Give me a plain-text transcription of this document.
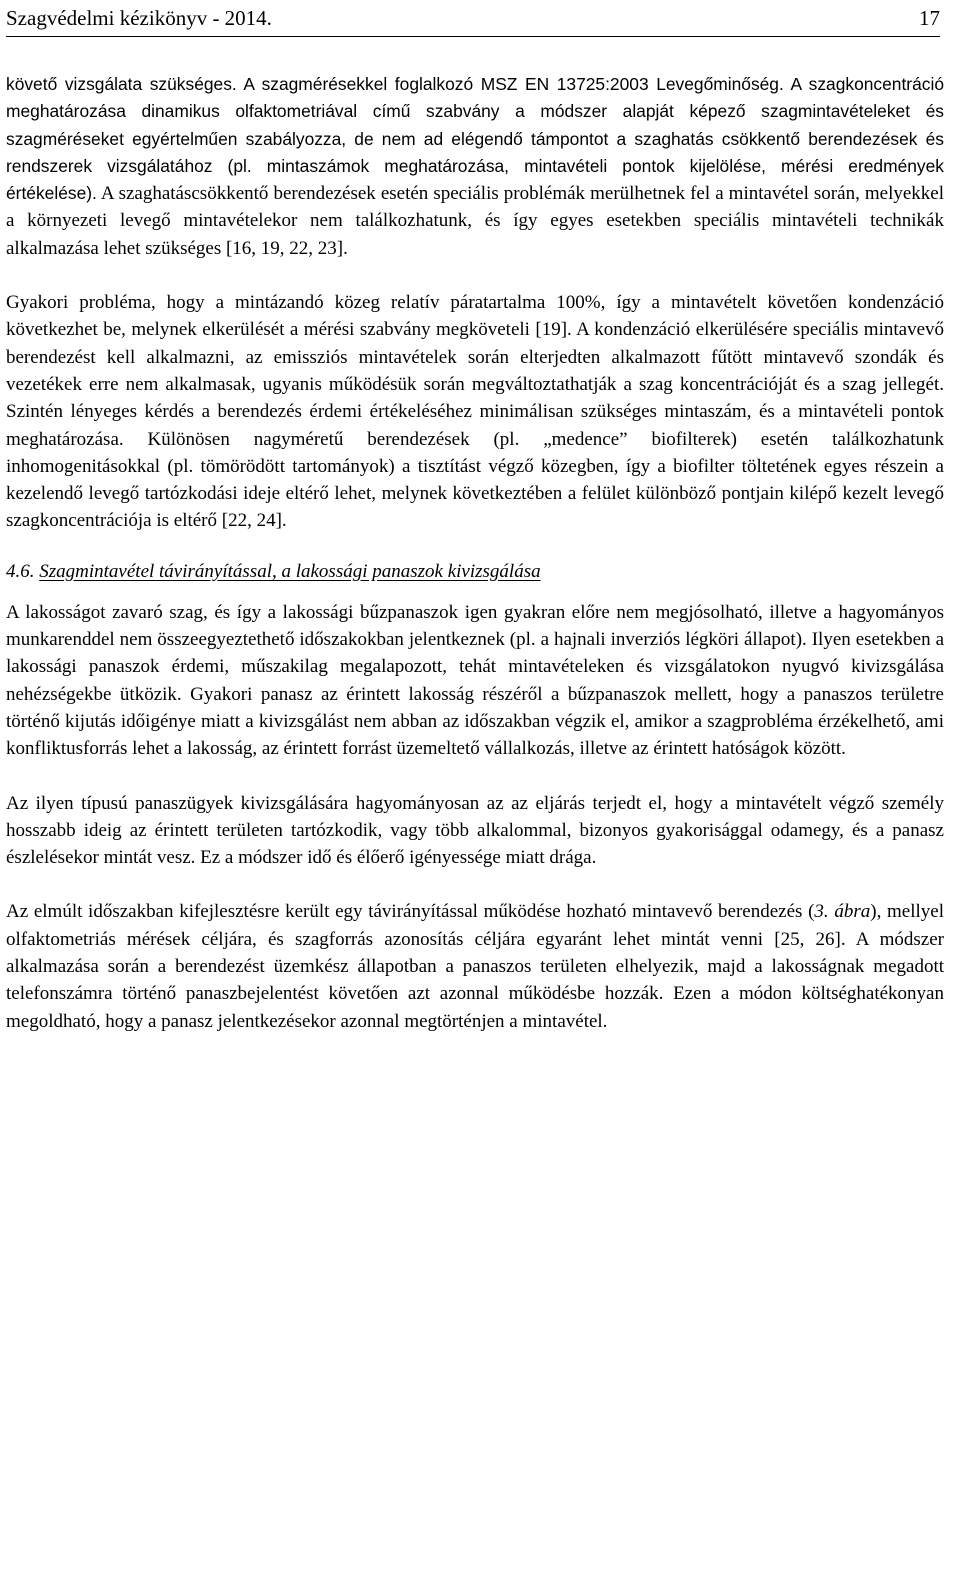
Szagvédelmi kézikönyv - 2014.	17

követő vizsgálata szükséges. A szagmérésekkel foglalkozó MSZ EN 13725:2003 Levegőminőség. A szagkoncentráció meghatározása dinamikus olfaktometriával című szabvány a módszer alapját képező szagmintavételeket és szagméréseket egyértelműen szabályozza, de nem ad elégendő támpontot a szaghatás csökkentő berendezések és rendszerek vizsgálatához (pl. mintaszámok meghatározása, mintavételi pontok kijelölése, mérési eredmények értékelése). A szaghatáscsökkentő berendezések esetén speciális problémák merülhetnek fel a mintavétel során, melyekkel a környezeti levegő mintavételekor nem találkozhatunk, és így egyes esetekben speciális mintavételi technikák alkalmazása lehet szükséges [16, 19, 22, 23].

Gyakori probléma, hogy a mintázandó közeg relatív páratartalma 100%, így a mintavételt követően kondenzáció következhet be, melynek elkerülését a mérési szabvány megköveteli [19]. A kondenzáció elkerülésére speciális mintavevő berendezést kell alkalmazni, az emissziós mintavételek során elterjedten alkalmazott fűtött mintavevő szondák és vezetékek erre nem alkalmasak, ugyanis működésük során megváltoztathatják a szag koncentrációját és a szag jellegét. Szintén lényeges kérdés a berendezés érdemi értékeléséhez minimálisan szükséges mintaszám, és a mintavételi pontok meghatározása. Különösen nagyméretű berendezések (pl. „medence” biofilterek) esetén találkozhatunk inhomogenitásokkal (pl. tömörödött tartományok) a tisztítást végző közegben, így a biofilter töltetének egyes részein a kezelendő levegő tartózkodási ideje eltérő lehet, melynek következtében a felület különböző pontjain kilépő kezelt levegő szagkoncentrációja is eltérő [22, 24].

4.6. Szagmintavétel távirányítással, a lakossági panaszok kivizsgálása

A lakosságot zavaró szag, és így a lakossági bűzpanaszok igen gyakran előre nem megjósolható, illetve a hagyományos munkarenddel nem összeegyeztethető időszakokban jelentkeznek (pl. a hajnali inverziós légköri állapot). Ilyen esetekben a lakossági panaszok érdemi, műszakilag megalapozott, tehát mintavételeken és vizsgálatokon nyugvó kivizsgálása nehézségekbe ütközik. Gyakori panasz az érintett lakosság részéről a bűzpanaszok mellett, hogy a panaszos területre történő kijutás időigénye miatt a kivizsgálást nem abban az időszakban végzik el, amikor a szagprobléma érzékelhető, ami konfliktusforrás lehet a lakosság, az érintett forrást üzemeltető vállalkozás, illetve az érintett hatóságok között.

Az ilyen típusú panaszügyek kivizsgálására hagyományosan az az eljárás terjedt el, hogy a mintavételt végző személy hosszabb ideig az érintett területen tartózkodik, vagy több alkalommal, bizonyos gyakorisággal odamegy, és a panasz észlelésekor mintát vesz. Ez a módszer idő és élőerő igényessége miatt drága.

Az elmúlt időszakban kifejlesztésre került egy távirányítással működése hozható mintavevő berendezés (3. ábra), mellyel olfaktometriás mérések céljára, és szagforrás azonosítás céljára egyaránt lehet mintát venni [25, 26]. A módszer alkalmazása során a berendezést üzemkész állapotban a panaszos területen elhelyezik, majd a lakosságnak megadott telefonszámra történő panaszbejelentést követően azt azonnal működésbe hozzák. Ezen a módon költséghatékonyan megoldható, hogy a panasz jelentkezésekor azonnal megtörténjen a mintavétel.
